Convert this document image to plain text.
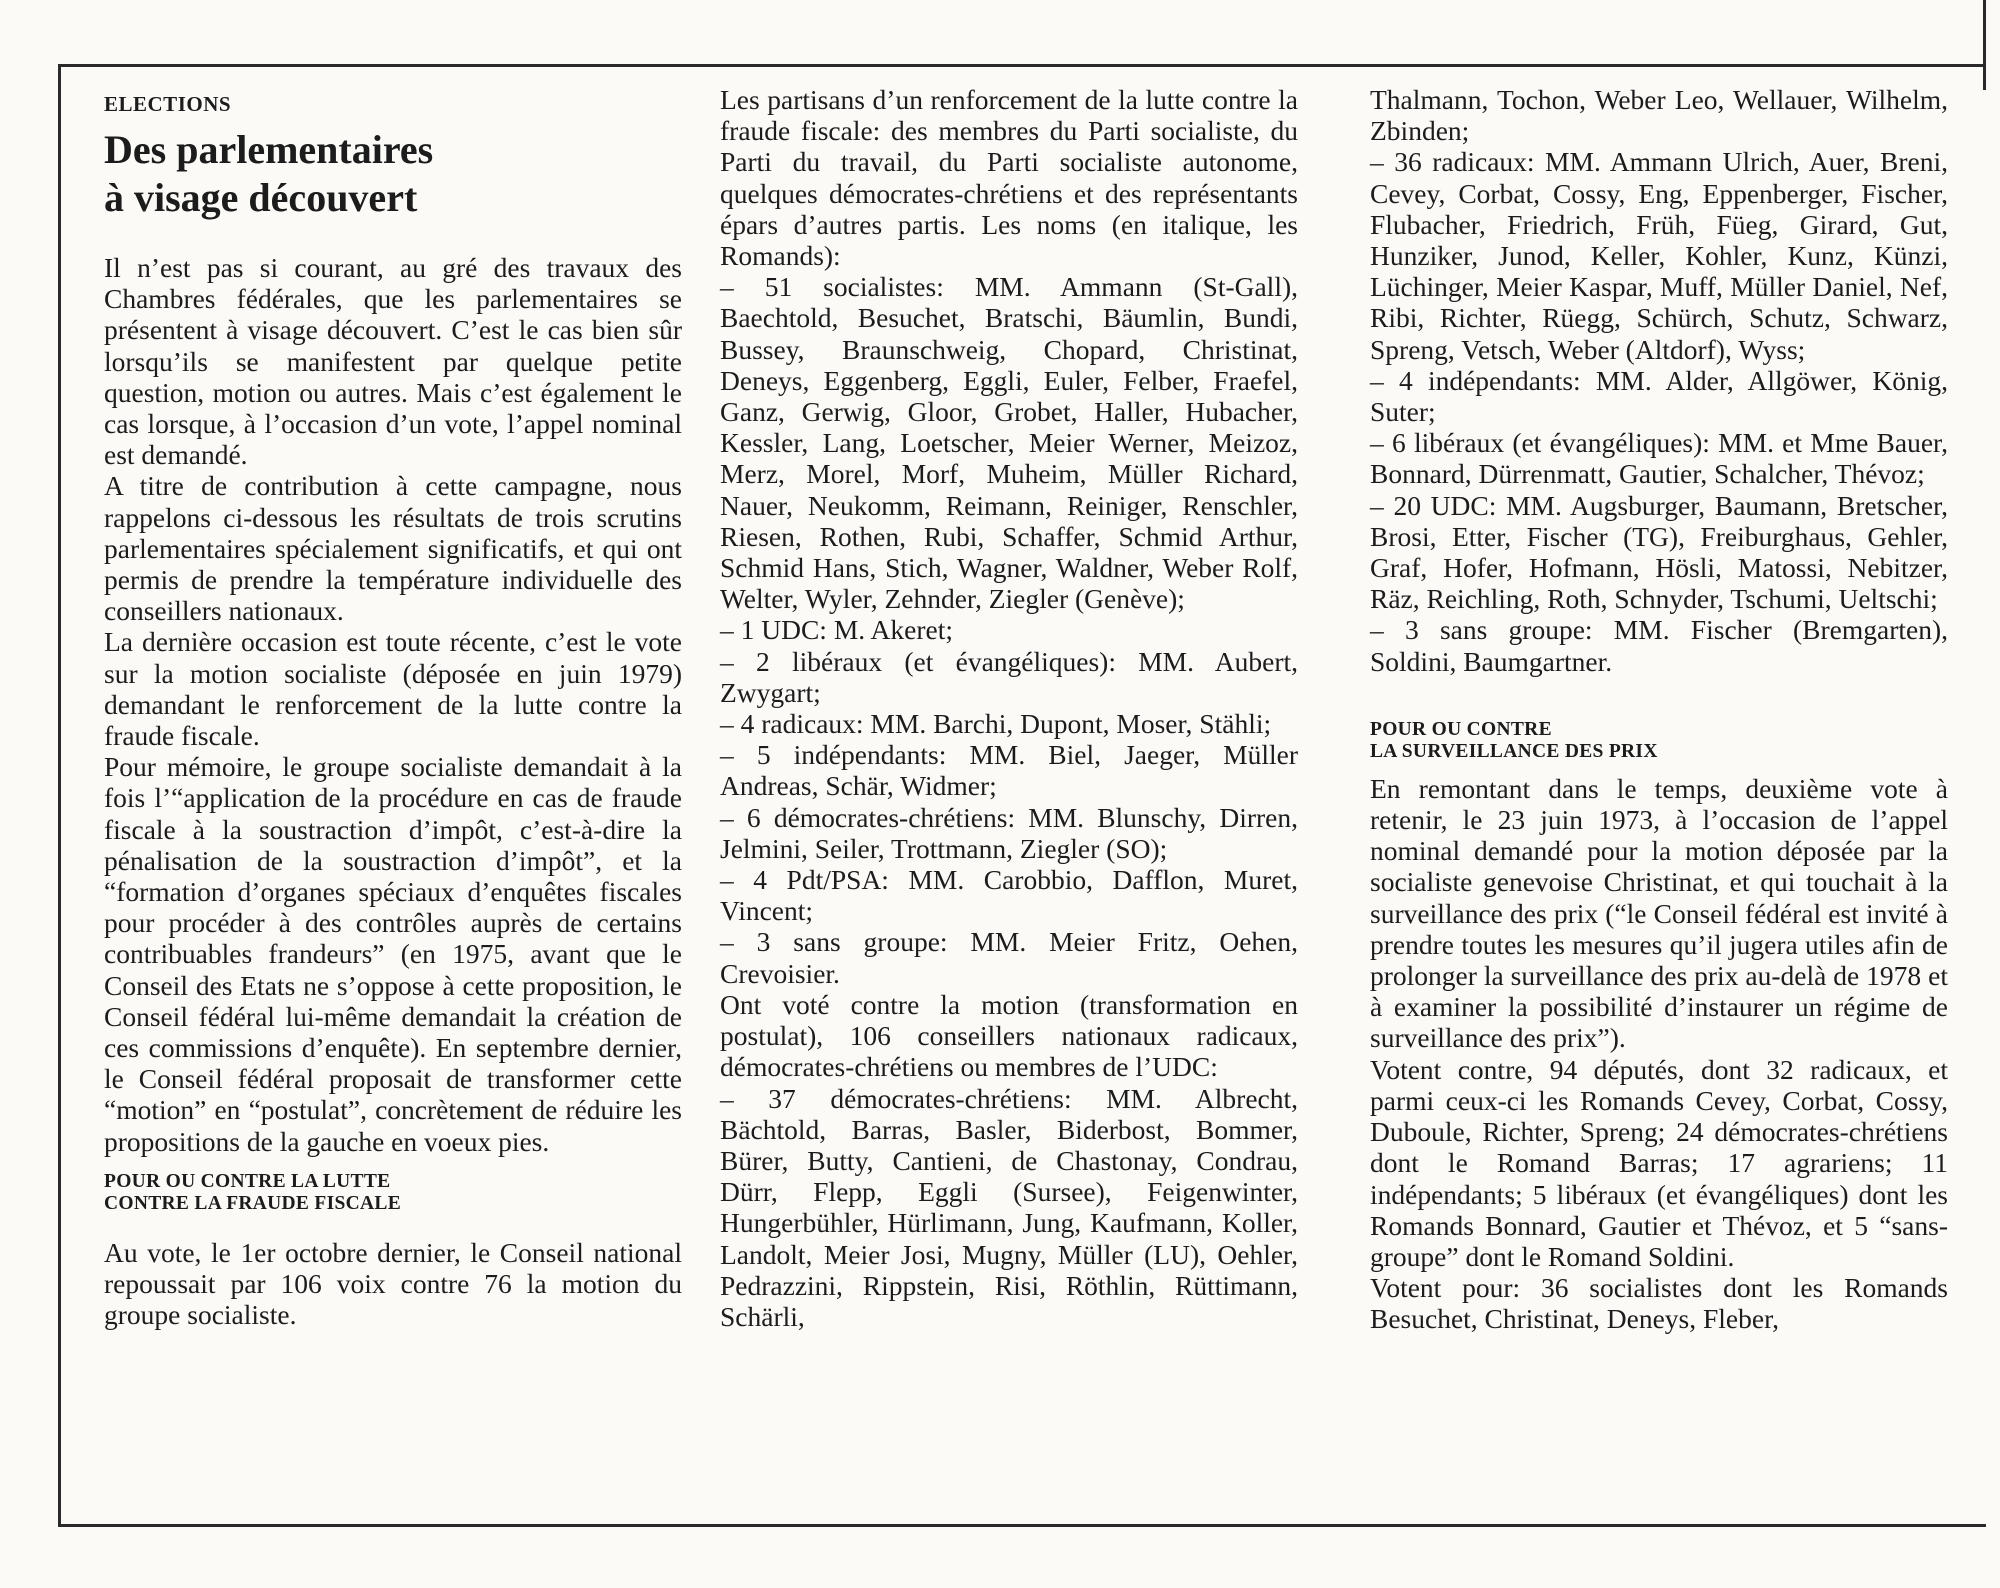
ELECTIONS
Des parlementaires
à visage découvert

Il n’est pas si courant, au gré des travaux des Chambres fédérales, que les parlementaires se présentent à visage découvert. C’est le cas bien sûr lorsqu’ils se manifestent par quelque petite question, motion ou autres. Mais c’est également le cas lorsque, à l’occasion d’un vote, l’appel nominal est demandé.

A titre de contribution à cette campagne, nous rappelons ci-dessous les résultats de trois scrutins parlementaires spécialement significatifs, et qui ont permis de prendre la température individuelle des conseillers nationaux.

La dernière occasion est toute récente, c’est le vote sur la motion socialiste (déposée en juin 1979) demandant le renforcement de la lutte contre la fraude fiscale.

Pour mémoire, le groupe socialiste demandait à la fois l’“application de la procédure en cas de fraude fiscale à la soustraction d’impôt, c’est-à-dire la pénalisation de la soustraction d’impôt”, et la “formation d’organes spéciaux d’enquêtes fiscales pour procéder à des contrôles auprès de certains contribuables frandeurs” (en 1975, avant que le Conseil des Etats ne s’oppose à cette proposition, le Conseil fédéral lui-même demandait la création de ces commissions d’enquête). En septembre dernier, le Conseil fédéral proposait de transformer cette “motion” en “postulat”, concrètement de réduire les propositions de la gauche en voeux pies.

POUR OU CONTRE LA LUTTE
CONTRE LA FRAUDE FISCALE

Au vote, le 1er octobre dernier, le Conseil national repoussait par 106 voix contre 76 la motion du groupe socialiste.

Les partisans d’un renforcement de la lutte contre la fraude fiscale: des membres du Parti socialiste, du Parti du travail, du Parti socialiste autonome, quelques démocrates-chrétiens et des représentants épars d’autres partis. Les noms (en italique, les Romands):

– 51 socialistes: MM. Ammann (St-Gall), Baechtold, Besuchet, Bratschi, Bäumlin, Bundi, Bussey, Braunschweig, Chopard, Christinat, Deneys, Eggenberg, Eggli, Euler, Felber, Fraefel, Ganz, Gerwig, Gloor, Grobet, Haller, Hubacher, Kessler, Lang, Loetscher, Meier Werner, Meizoz, Merz, Morel, Morf, Muheim, Müller Richard, Nauer, Neukomm, Reimann, Reiniger, Renschler, Riesen, Rothen, Rubi, Schaffer, Schmid Arthur, Schmid Hans, Stich, Wagner, Waldner, Weber Rolf, Welter, Wyler, Zehnder, Ziegler (Genève);

– 1 UDC: M. Akeret;

– 2 libéraux (et évangéliques): MM. Aubert, Zwygart;

– 4 radicaux: MM. Barchi, Dupont, Moser, Stähli;

– 5 indépendants: MM. Biel, Jaeger, Müller Andreas, Schär, Widmer;

– 6 démocrates-chrétiens: MM. Blunschy, Dirren, Jelmini, Seiler, Trottmann, Ziegler (SO);

– 4 Pdt/PSA: MM. Carobbio, Dafflon, Muret, Vincent;

– 3 sans groupe: MM. Meier Fritz, Oehen, Crevoisier.

Ont voté contre la motion (transformation en postulat), 106 conseillers nationaux radicaux, démocrates-chrétiens ou membres de l’UDC:

– 37 démocrates-chrétiens: MM. Albrecht, Bächtold, Barras, Basler, Biderbost, Bommer, Bürer, Butty, Cantieni, de Chastonay, Condrau, Dürr, Flepp, Eggli (Sursee), Feigenwinter, Hungerbühler, Hürlimann, Jung, Kaufmann, Koller, Landolt, Meier Josi, Mugny, Müller (LU), Oehler, Pedrazzini, Rippstein, Risi, Röthlin, Rüttimann, Schärli,

Thalmann, Tochon, Weber Leo, Wellauer, Wilhelm, Zbinden;

– 36 radicaux: MM. Ammann Ulrich, Auer, Breni, Cevey, Corbat, Cossy, Eng, Eppenberger, Fischer, Flubacher, Friedrich, Früh, Füeg, Girard, Gut, Hunziker, Junod, Keller, Kohler, Kunz, Künzi, Lüchinger, Meier Kaspar, Muff, Müller Daniel, Nef, Ribi, Richter, Rüegg, Schürch, Schutz, Schwarz, Spreng, Vetsch, Weber (Altdorf), Wyss;

– 4 indépendants: MM. Alder, Allgöwer, König, Suter;

– 6 libéraux (et évangéliques): MM. et Mme Bauer, Bonnard, Dürrenmatt, Gautier, Schalcher, Thévoz;

– 20 UDC: MM. Augsburger, Baumann, Bretscher, Brosi, Etter, Fischer (TG), Freiburghaus, Gehler, Graf, Hofer, Hofmann, Hösli, Matossi, Nebitzer, Räz, Reichling, Roth, Schnyder, Tschumi, Ueltschi;

– 3 sans groupe: MM. Fischer (Bremgarten), Soldini, Baumgartner.

POUR OU CONTRE
LA SURVEILLANCE DES PRIX

En remontant dans le temps, deuxième vote à retenir, le 23 juin 1973, à l’occasion de l’appel nominal demandé pour la motion déposée par la socialiste genevoise Christinat, et qui touchait à la surveillance des prix (“le Conseil fédéral est invité à prendre toutes les mesures qu’il jugera utiles afin de prolonger la surveillance des prix au-delà de 1978 et à examiner la possibilité d’instaurer un régime de surveillance des prix”).

Votent contre, 94 députés, dont 32 radicaux, et parmi ceux-ci les Romands Cevey, Corbat, Cossy, Duboule, Richter, Spreng; 24 démocrates-chrétiens dont le Romand Barras; 17 agrariens; 11 indépendants; 5 libéraux (et évangéliques) dont les Romands Bonnard, Gautier et Thévoz, et 5 “sans-groupe” dont le Romand Soldini.

Votent pour: 36 socialistes dont les Romands Besuchet, Christinat, Deneys, Fleber,
